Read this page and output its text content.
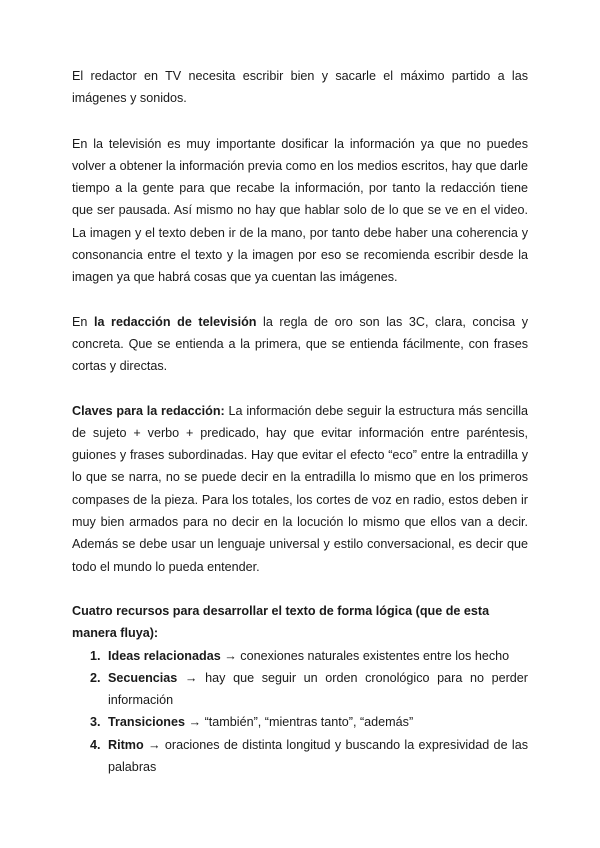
El redactor en TV necesita escribir bien y sacarle el máximo partido a las imágenes y sonidos.

En la televisión es muy importante dosificar la información ya que no puedes volver a obtener la información previa como en los medios escritos, hay que darle tiempo a la gente para que recabe la información, por tanto la redacción tiene que ser pausada. Así mismo no hay que hablar solo de lo que se ve en el video. La imagen y el texto deben ir de la mano, por tanto debe haber una coherencia y consonancia entre el texto y la imagen por eso se recomienda escribir desde la imagen ya que habrá cosas que ya cuentan las imágenes.

En la redacción de televisión la regla de oro son las 3C, clara, concisa y concreta. Que se entienda a la primera, que se entienda fácilmente, con frases cortas y directas.

Claves para la redacción: La información debe seguir la estructura más sencilla de sujeto + verbo + predicado, hay que evitar información entre paréntesis, guiones y frases subordinadas. Hay que evitar el efecto “eco” entre la entradilla y lo que se narra, no se puede decir en la entradilla lo mismo que en los primeros compases de la pieza. Para los totales, los cortes de voz en radio, estos deben ir muy bien armados para no decir en la locución lo mismo que ellos van a decir. Además se debe usar un lenguaje universal y estilo conversacional, es decir que todo el mundo lo pueda entender.

Cuatro recursos para desarrollar el texto de forma lógica (que de esta manera fluya):
1. Ideas relacionadas → conexiones naturales existentes entre los hecho
2. Secuencias → hay que seguir un orden cronológico para no perder información
3. Transiciones → “también”, “mientras tanto”, “además”
4. Ritmo → oraciones de distinta longitud y buscando la expresividad de las palabras
